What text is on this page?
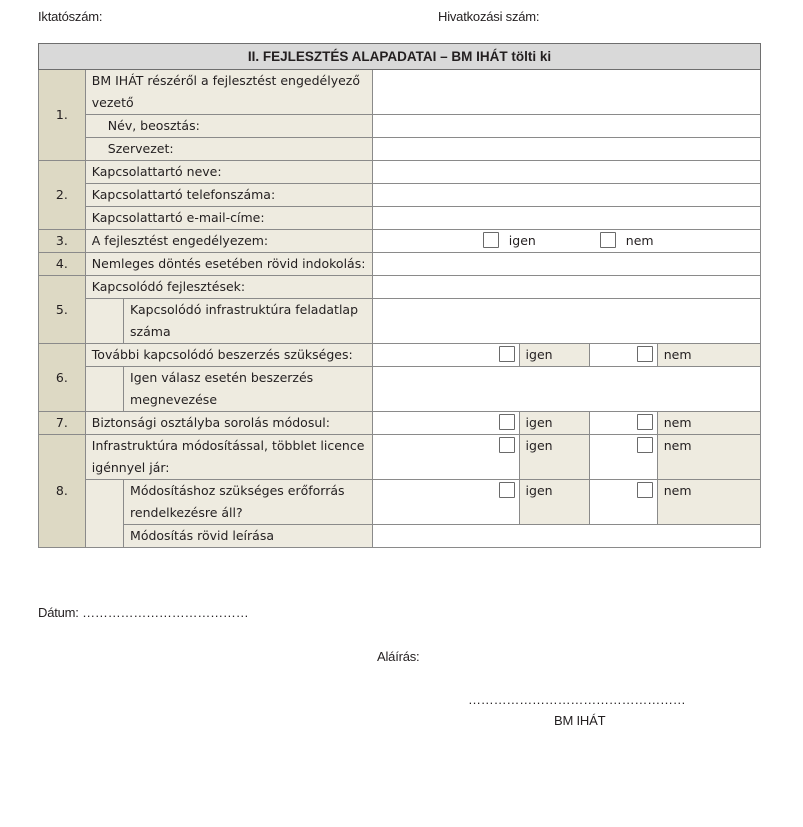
Iktatószám:	Hivatkozási szám:
II. FEJLESZTÉS ALAPADATAI – BM IHÁT tölti ki						
1.	BM IHÁT részéről a fejlesztést engedélyező vezető					
	Név, beosztás:					
	Szervezet:					
2.	Kapcsolattartó neve:					
	Kapcsolattartó telefonszáma:					
	Kapcsolattartó e-mail-címe:					
3.	A fejlesztést engedélyezem:		igen nem			
4.	Nemleges döntés esetében rövid indokolás:					
5.	Kapcsolódó fejlesztések:					
		Kapcsolódó infrastruktúra feladatlap száma				
6.	További kapcsolódó beszerzés szükséges:			igen		nem
		Igen válasz esetén beszerzés megnevezése				
7.	Biztonsági osztályba sorolás módosul:			igen		nem
8.	Infrastruktúra módosítással, többlet licence igénnyel jár:			igen		nem
		Módosításhoz szükséges erőforrás rendelkezésre áll?		igen		nem
		Módosítás rövid leírása				
Dátum: …………………………………
Aláírás:
……………………………………………
BM IHÁT
